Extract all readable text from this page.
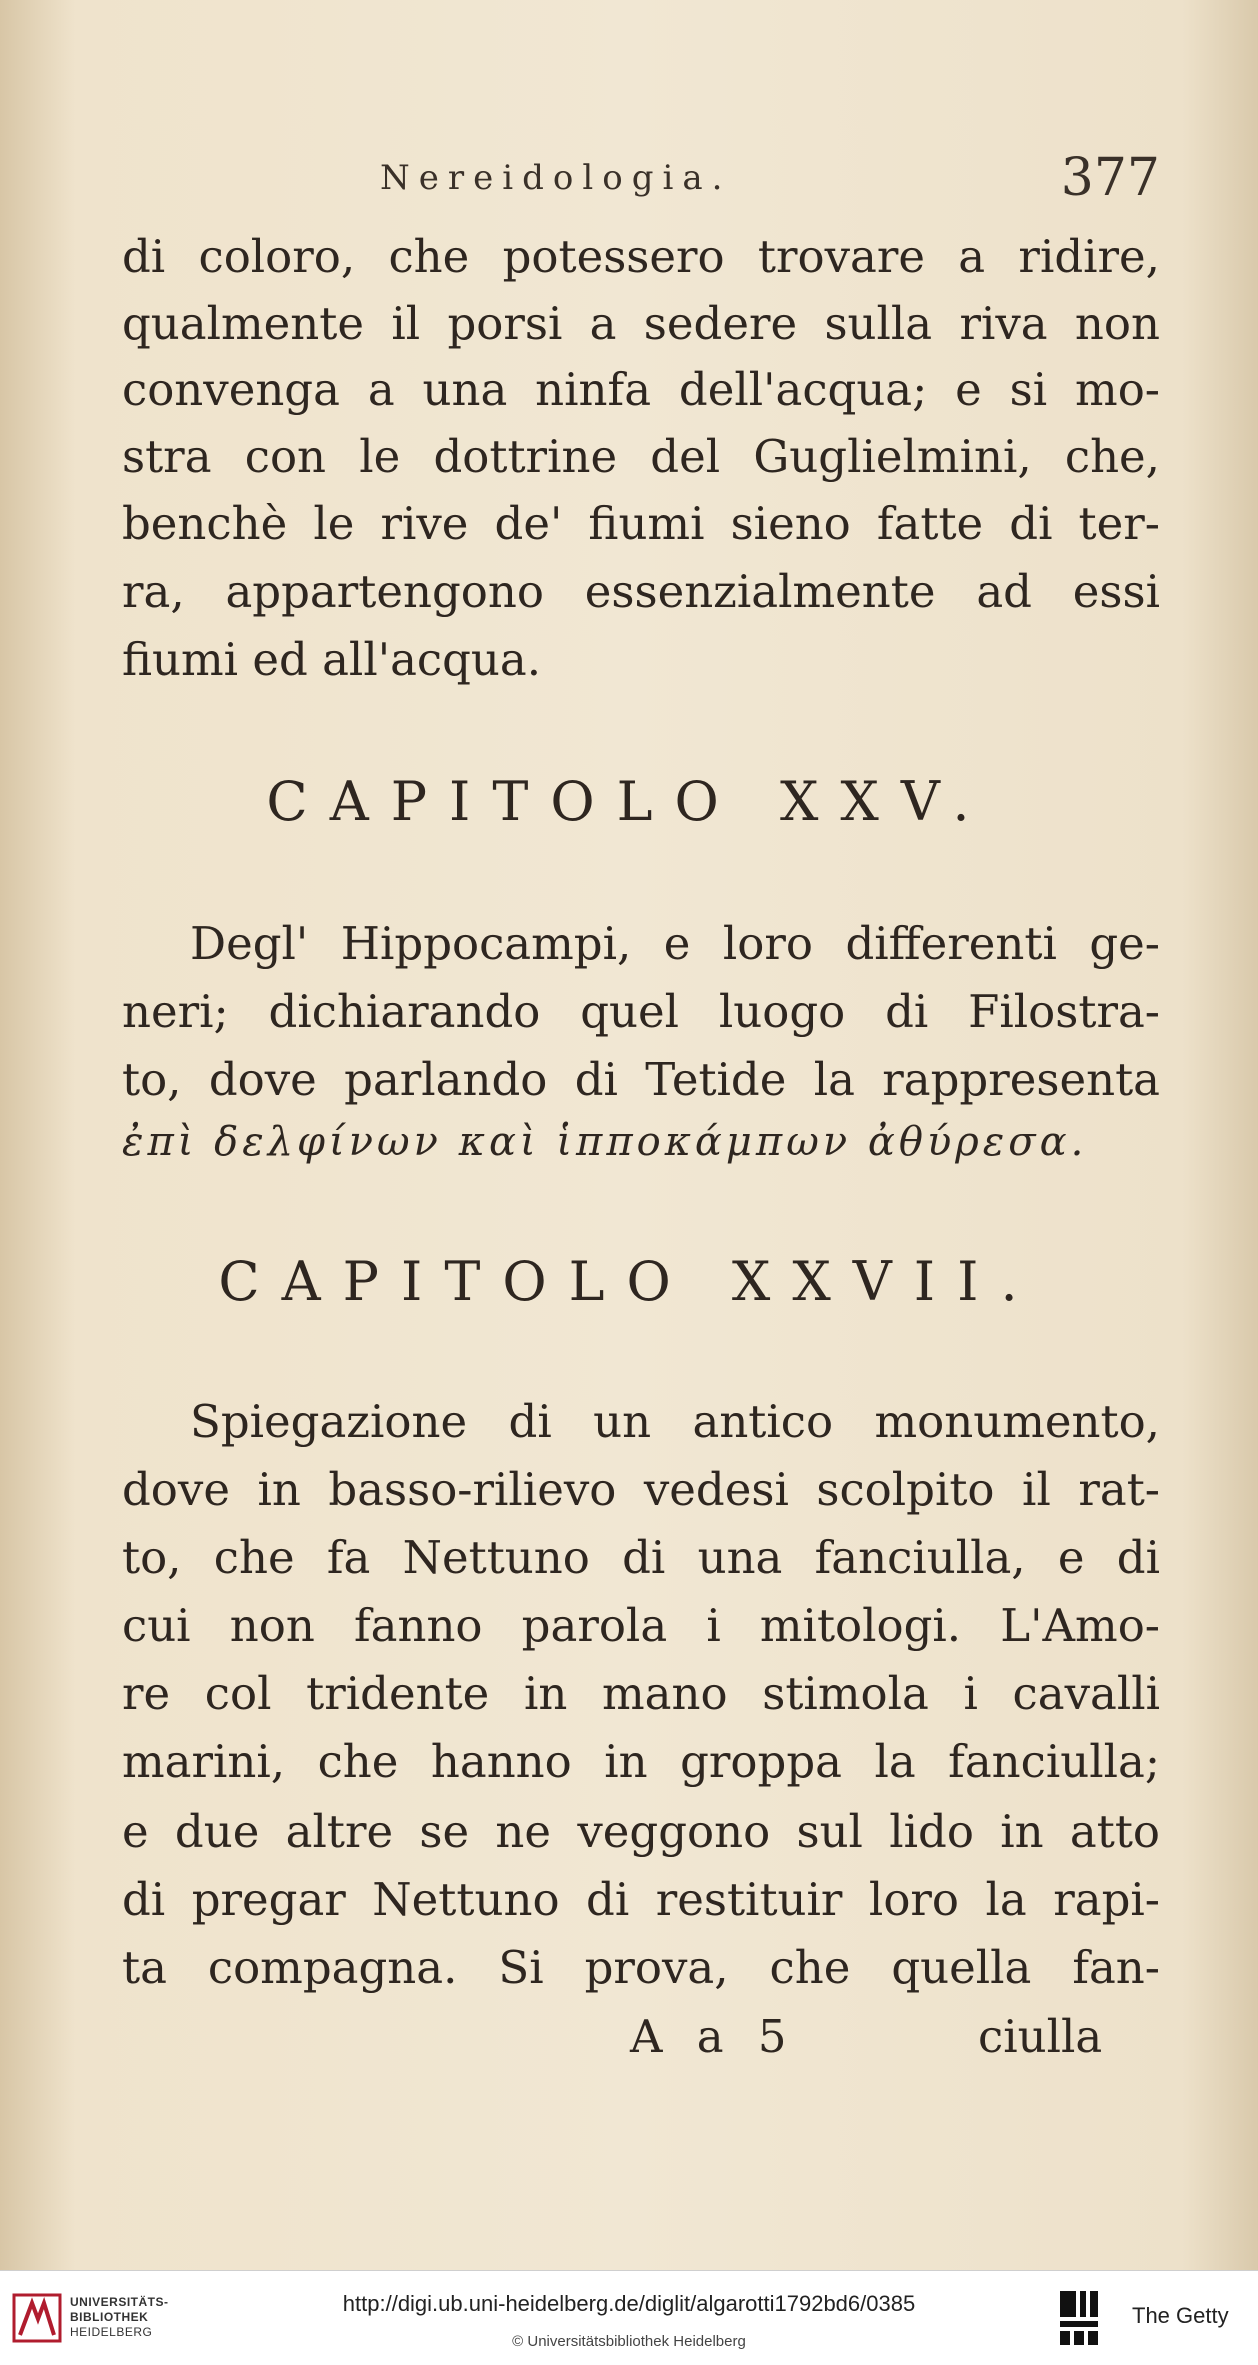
Nereidologia.	377
di coloro, che potessero trovare a ridire,
qualmente il porsi a sedere sulla riva non
convenga a una ninfa dell'acqua; e si mo-
stra con le dottrine del Guglielmini, che,
benchè le rive de' fiumi sieno fatte di ter-
ra, appartengono essenzialmente ad essi
fiumi ed all'acqua.
CAPITOLO XXV.
Degl' Hippocampi, e loro differenti ge-
neri; dichiarando quel luogo di Filostra-
to, dove parlando di Tetide la rappresenta
ἐπὶ δελφίνων καὶ ἱπποκάμπων ἀθύρεσα.
CAPITOLO XXVII.
Spiegazione di un antico monumento,
dove in basso-rilievo vedesi scolpito il rat-
to, che fa Nettuno di una fanciulla, e di
cui non fanno parola i mitologi. L'Amo-
re col tridente in mano stimola i cavalli
marini, che hanno in groppa la fanciulla;
e due altre se ne veggono sul lido in atto
di pregar Nettuno di restituir loro la rapi-
ta compagna. Si prova, che quella fan-
A a 5	ciulla
UNIVERSITÄTS-
BIBLIOTHEK
HEIDELBERG
http://digi.ub.uni-heidelberg.de/diglit/algarotti1792bd6/0385
© Universitätsbibliothek Heidelberg
The Getty
